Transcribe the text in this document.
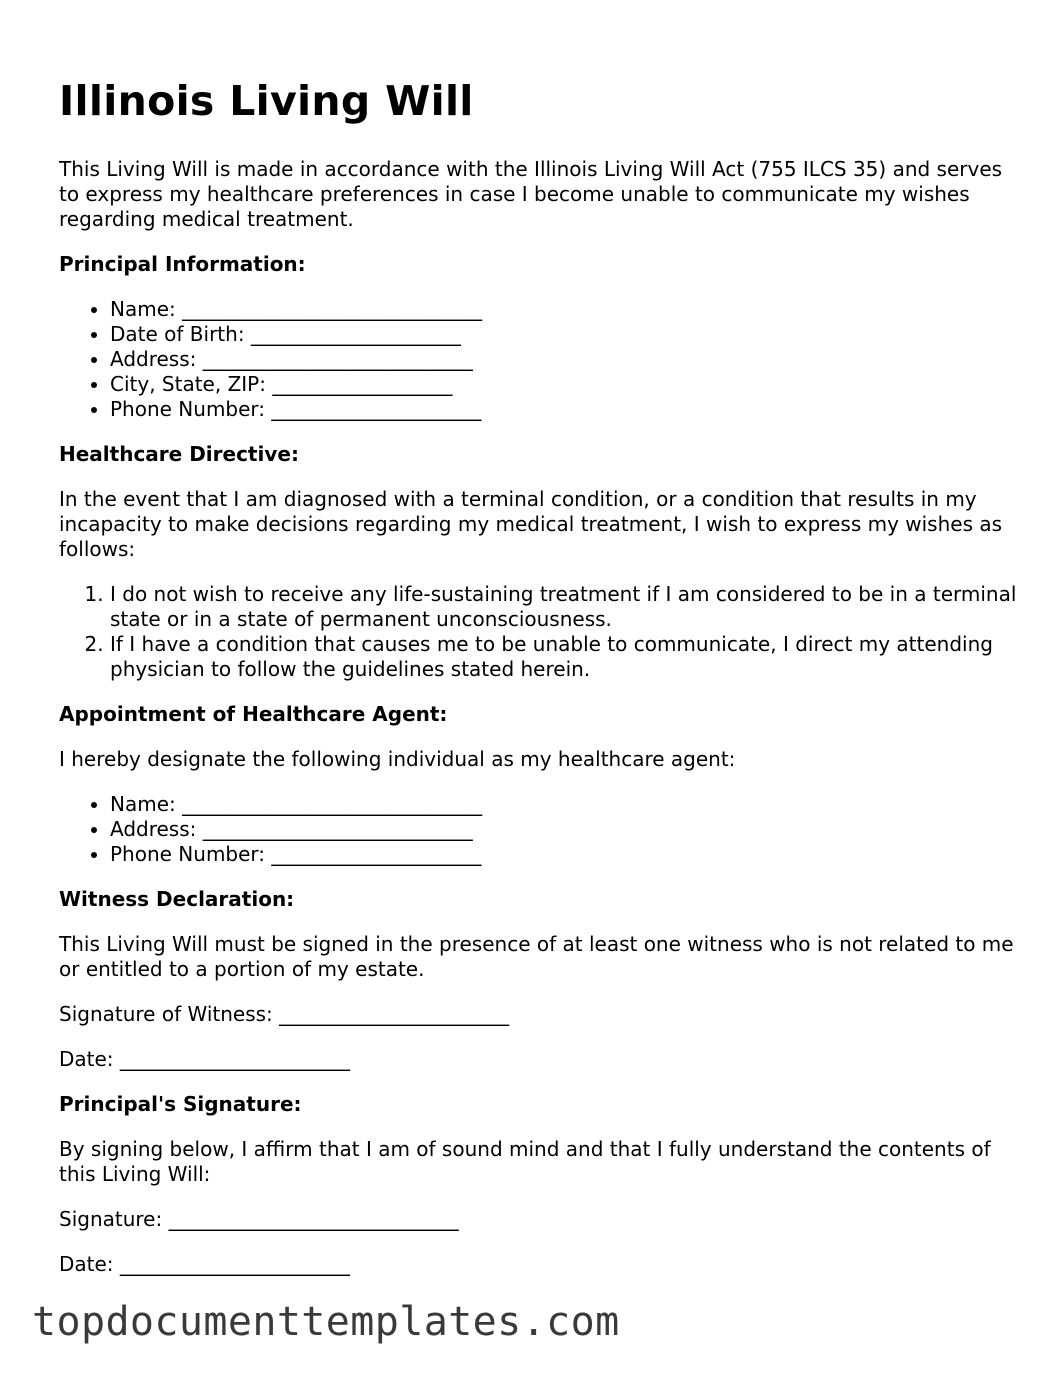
Illinois Living Will

This Living Will is made in accordance with the Illinois Living Will Act (755 ILCS 35) and serves to express my healthcare preferences in case I become unable to communicate my wishes regarding medical treatment.

Principal Information:
• Name: ______________________________
• Date of Birth: _____________________
• Address: ___________________________
• City, State, ZIP: __________________
• Phone Number: _____________________
Healthcare Directive:

In the event that I am diagnosed with a terminal condition, or a condition that results in my incapacity to make decisions regarding my medical treatment, I wish to express my wishes as follows:

1. I do not wish to receive any life-sustaining treatment if I am considered to be in a terminal state or in a state of permanent unconsciousness.
2. If I have a condition that causes me to be unable to communicate, I direct my attending physician to follow the guidelines stated herein.
Appointment of Healthcare Agent:

I hereby designate the following individual as my healthcare agent:

• Name: ______________________________
• Address: ___________________________
• Phone Number: _____________________
Witness Declaration:

This Living Will must be signed in the presence of at least one witness who is not related to me or entitled to a portion of my estate.

Signature of Witness: _______________________

Date: _______________________

Principal's Signature:

By signing below, I affirm that I am of sound mind and that I fully understand the contents of this Living Will:

Signature: _____________________________

Date: _______________________

topdocumenttemplates.com
